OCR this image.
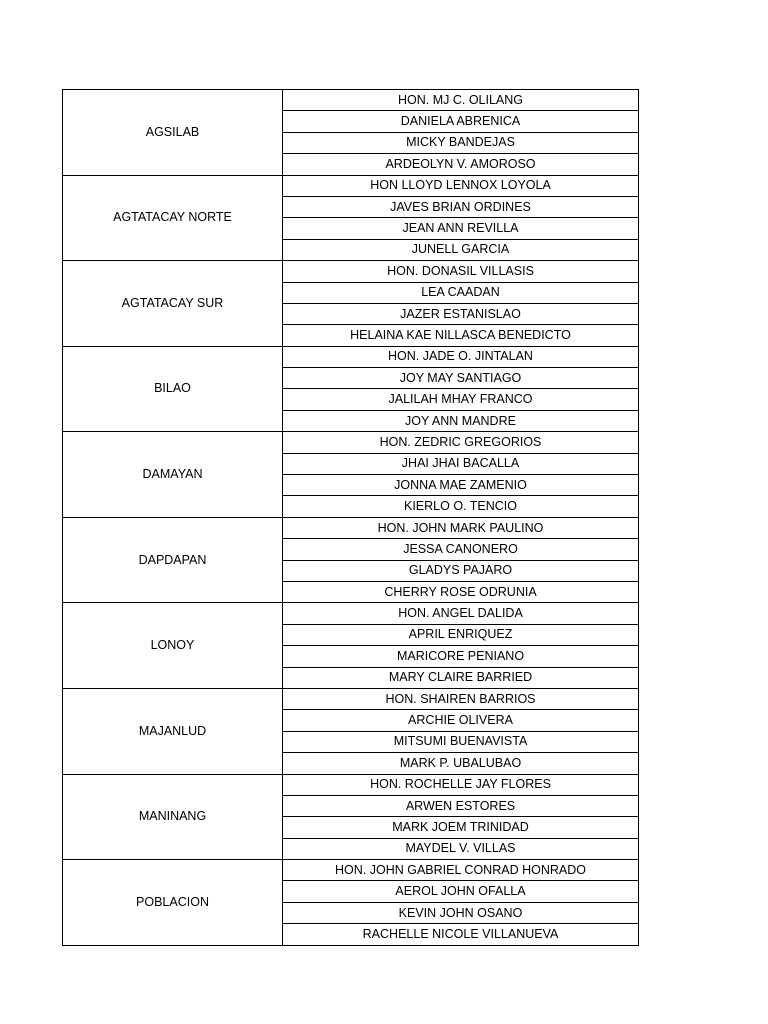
AGSILAB	HON. MJ C. OLILANG
	DANIELA ABRENICA
	MICKY BANDEJAS
	ARDEOLYN V. AMOROSO
AGTATACAY NORTE	HON LLOYD LENNOX LOYOLA
	JAVES BRIAN ORDINES
	JEAN ANN REVILLA
	JUNELL GARCIA
AGTATACAY SUR	HON. DONASIL VILLASIS
	LEA CAADAN
	JAZER ESTANISLAO
	HELAINA KAE NILLASCA BENEDICTO
BILAO	HON. JADE O. JINTALAN
	JOY MAY SANTIAGO
	JALILAH MHAY FRANCO
	JOY ANN MANDRE
DAMAYAN	HON. ZEDRIC GREGORIOS
	JHAI JHAI BACALLA
	JONNA MAE ZAMENIO
	KIERLO O. TENCIO
DAPDAPAN	HON. JOHN MARK PAULINO
	JESSA CANONERO
	GLADYS PAJARO
	CHERRY ROSE ODRUNIA
LONOY	HON. ANGEL DALIDA
	APRIL ENRIQUEZ
	MARICORE PENIANO
	MARY CLAIRE BARRIED
MAJANLUD	HON. SHAIREN BARRIOS
	ARCHIE OLIVERA
	MITSUMI BUENAVISTA
	MARK P. UBALUBAO
MANINANG	HON. ROCHELLE JAY FLORES
	ARWEN ESTORES
	MARK JOEM TRINIDAD
	MAYDEL V. VILLAS
POBLACION	HON. JOHN GABRIEL CONRAD HONRADO
	AEROL JOHN OFALLA
	KEVIN JOHN OSANO
	RACHELLE NICOLE VILLANUEVA
